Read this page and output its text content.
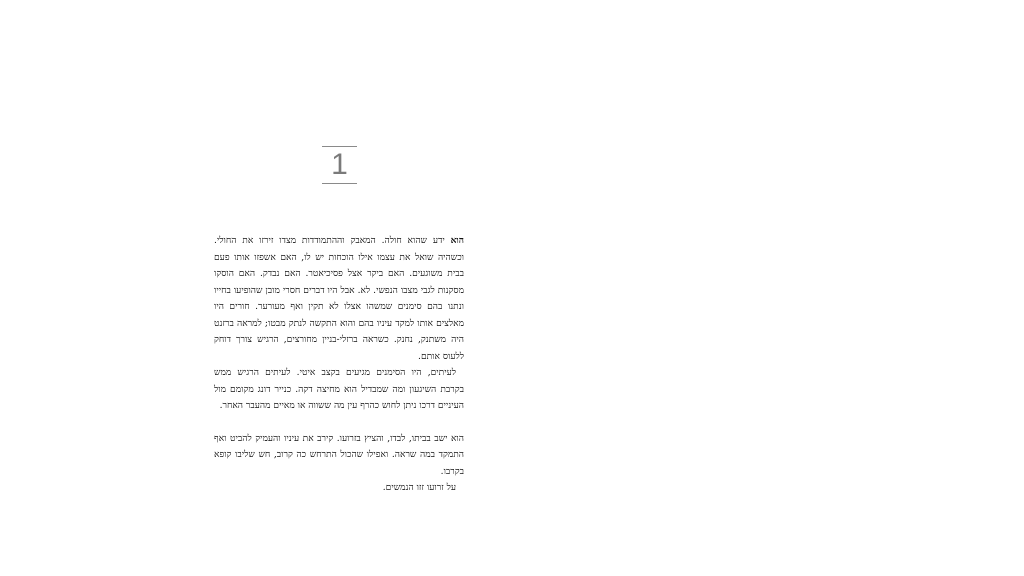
1

הוא ידע שהוא חולה. המאבק וההתמודדות מצדו זירזו את החולי. וכשהיה שואל את עצמו אילו הוכחות יש לו, האם אשפזו אותו פעם בבית משוגעים. האם ביקר אצל פסיכיאטר. האם נבדק. האם הוסקו מסקנות לגבי מצבו הנפשי. לא. אבל היו דברים חסרי מובן שהופיעו בחייו ונתנו בהם סימנים שמשהו אצלו לא תקין ואף מעורער. חורים היו מאלצים אותו למקד עיניו בהם והוא התקשה לנתק מבטו; למראה ברזנט היה משתנק, נחנק. כשראה ברזלי-בניין מחורצים, הרגיש צורך דוחק ללעוס אותם.

לעיתים, היו הסימנים מגיעים בקצב איטי. לעיתים הרגיש ממש בקרבת השיגעון ומה שמבדיל הוא מחיצה דקה. כנייר דונג מקומם מול העיניים דרכו ניתן לחוש כהרף עין מה ששווה או מאיים מהעבר האחר.

הוא ישב בביתו, לבדו, והציץ בזרועו. קירב את עיניו והעמיק להביט ואף התמקד במה שראה. ואפילו שהכול התרחש כה קרוב, חש שליבו קופא בקרבו.

על זרועו זזו הנמשים.
